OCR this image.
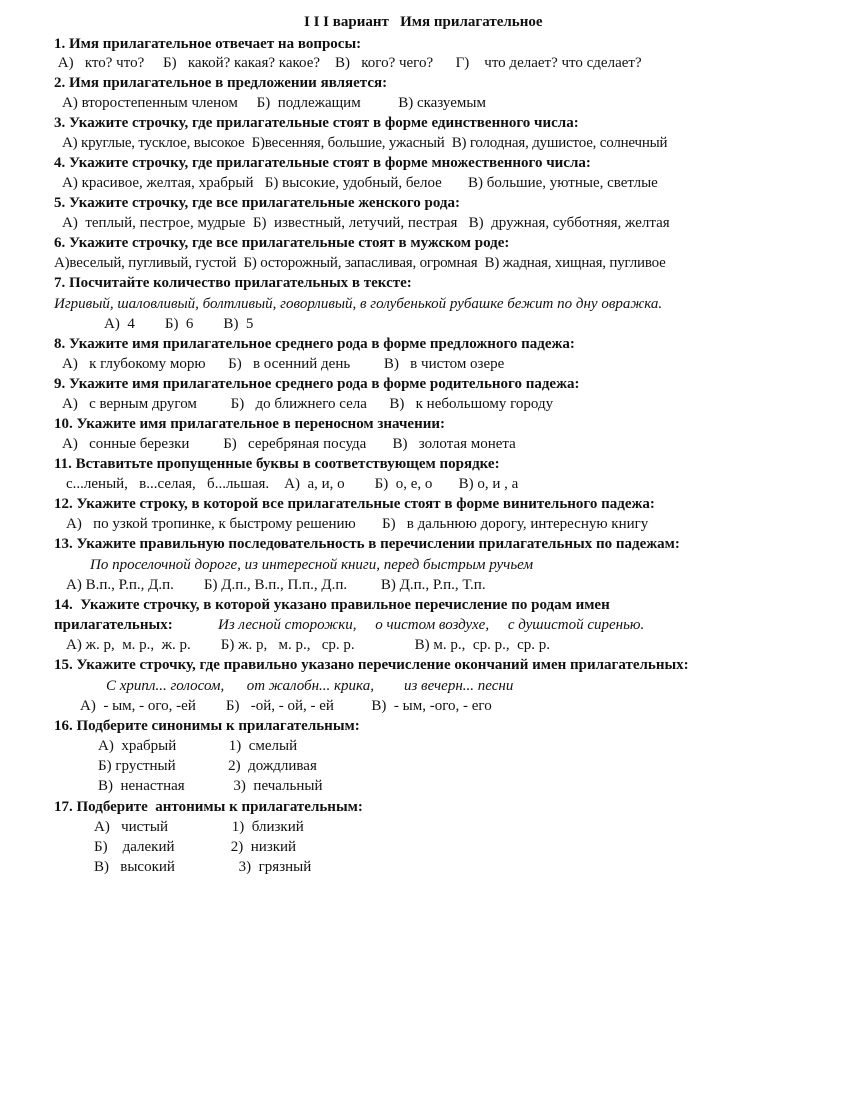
I I I вариант   Имя прилагательное
1. Имя прилагательное отвечает на вопросы:
А)   кто? что?     Б)   какой? какая? какое?    В)   кого? чего?      Г)    что делает? что сделает?
2. Имя прилагательное в предложении является:
А) второстепенным членом     Б)  подлежащим          В) сказуемым
3. Укажите строчку, где прилагательные стоят в форме единственного числа:
А) круглые, тусклое, высокое  Б)весенняя, большие, ужасный  В) голодная, душистое, солнечный
4. Укажите строчку, где прилагательные стоят в форме множественного числа:
А) красивое, желтая, храбрый   Б) высокие, удобный, белое       В) большие, уютные, светлые
5. Укажите строчку, где все прилагательные женского рода:
А)  теплый, пестрое, мудрые  Б)  известный, летучий, пестрая   В)  дружная, субботняя, желтая
6. Укажите строчку, где все прилагательные стоят в мужском роде:
А)веселый, пугливый, густой  Б) осторожный, запасливая, огромная  В) жадная, хищная, пугливое
7. Посчитайте количество прилагательных в тексте:
Игривый, шаловливый, болтливый, говорливый, в голубенькой рубашке бежит по дну овражка.
А)  4        Б)  6        В)  5
8. Укажите имя прилагательное среднего рода в форме предложного падежа:
А)   к глубокому морю      Б)   в осенний день         В)   в чистом озере
9. Укажите имя прилагательное среднего рода в форме родительного падежа:
А)   с верным другом         Б)   до ближнего села      В)   к небольшому городу
10. Укажите имя прилагательное в переносном значении:
А)   сонные березки         Б)   серебряная посуда       В)   золотая монета
11. Вставитьте пропущенные буквы в соответствующем порядке:
с...леный,   в...селая,   б...льшая.    А)  а, и, о        Б)  о, е, о       В) о, и , а
12. Укажите строку, в которой все прилагательные стоят в форме винительного падежа:
А)   по узкой тропинке, к быстрому решению       Б)   в дальнюю дорогу, интересную книгу
13. Укажите правильную последовательность в перечислении прилагательных по падежам:
По проселочной дороге, из интересной книги, перед быстрым ручьем
А) В.п., Р.п., Д.п.        Б) Д.п., В.п., П.п., Д.п.         В) Д.п., Р.п., Т.п.
14.  Укажите строчку, в которой указано правильное перечисление по родам имен
прилагательных:	Из лесной сторожки,     о чистом воздухе,     с душистой сиренью.
А) ж. р,  м. р.,  ж. р.        Б) ж. р,   м. р.,   ср. р.                В) м. р.,  ср. р.,  ср. р.
15. Укажите строчку, где правильно указано перечисление окончаний имен прилагательных:
С хрипл... голосом,      от жалобн... крика,        из вечерн... песни
А)  - ым, - ого, -ей        Б)   -ой, - ой, - ей          В)  - ым, -ого, - его
16. Подберите синонимы к прилагательным:
А)  храбрый              1)  смелый
Б) грустный              2)  дождливая
В)  ненастная             3)  печальный
17. Подберите  антонимы к прилагательным:
А)   чистый                 1)  близкий
Б)    далекий               2)  низкий
В)   высокий                 3)  грязный
